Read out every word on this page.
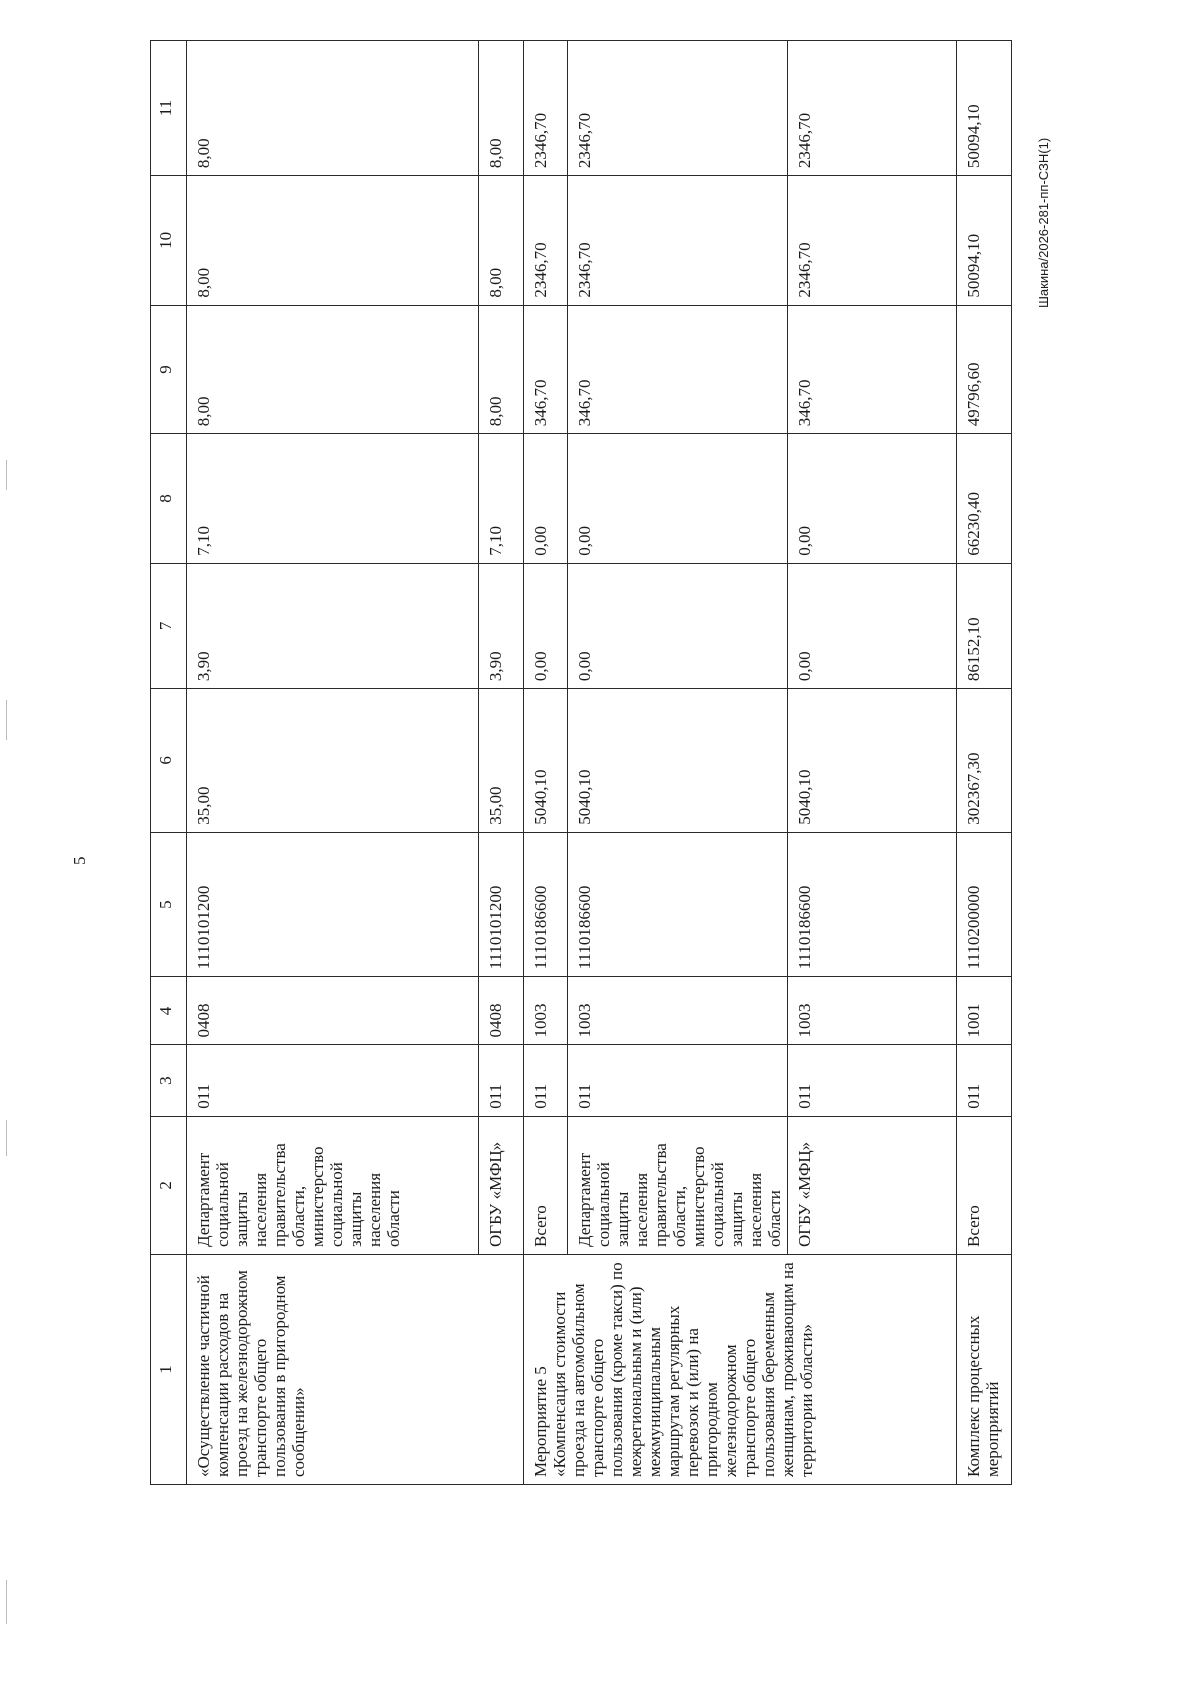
5
Шакина/2026-281-пп-СЗН(1)
1	2	3	4	5	6	7	8	9	10	11
«Осуществление частичной компенсации расходов на проезд на железнодорожном транспорте общего пользования в пригородном сообщении»	Департамент социальной защиты населения правительства области, министерство социальной защиты населения области	011	0408	1110101200	35,00	3,90	7,10	8,00	8,00	8,00
	ОГБУ «МФЦ»	011	0408	1110101200	35,00	3,90	7,10	8,00	8,00	8,00
Мероприятие 5 «Компенсация стоимости проезда на автомобильном транспорте общего пользования (кроме такси) по межрегиональным и (или) межмуниципальным маршрутам регулярных перевозок и (или) на пригородном железнодорожном транспорте общего пользования беременным женщинам, проживающим на территории области»	Всего	011	1003	1110186600	5040,10	0,00	0,00	346,70	2346,70	2346,70
	Департамент социальной защиты населения правительства области, министерство социальной защиты населения области	011	1003	1110186600	5040,10	0,00	0,00	346,70	2346,70	2346,70
	ОГБУ «МФЦ»	011	1003	1110186600	5040,10	0,00	0,00	346,70	2346,70	2346,70
Комплекс процессных мероприятий	Всего	011	1001	1110200000	302367,30	86152,10	66230,40	49796,60	50094,10	50094,10
